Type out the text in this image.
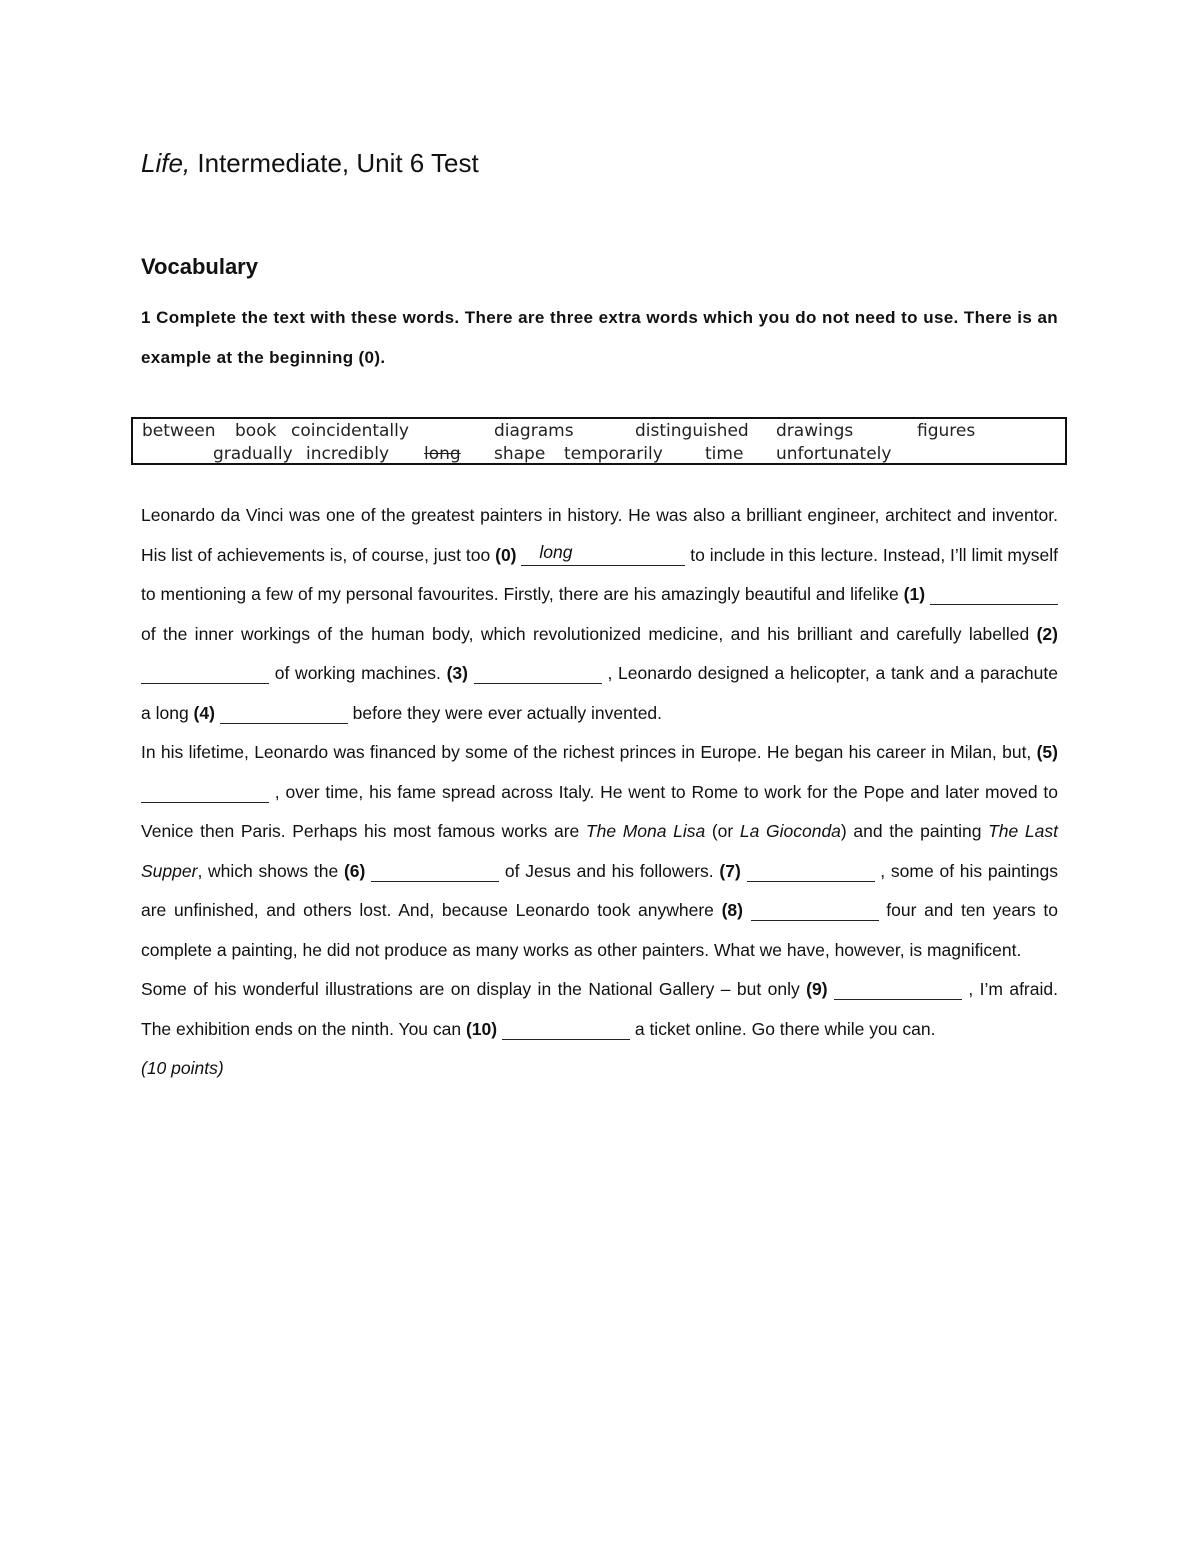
Life, Intermediate, Unit 6 Test
Vocabulary
1 Complete the text with these words. There are three extra words which you do not need to use. There is an example at the beginning (0).
between book coincidentally	diagrams	distinguished drawings	figures
gradually incredibly long shape temporarily time unfortunately

Leonardo da Vinci was one of the greatest painters in history. He was also a brilliant engineer, architect and inventor. His list of achievements is, of course, just too (0) long	to include in this lecture. Instead, I’ll limit myself to mentioning a few of my personal favourites. Firstly, there are his amazingly beautiful and lifelike (1)  of the inner workings of the human body, which revolutionized medicine, and his brilliant and carefully labelled (2)  of working machines. (3)	, Leonardo designed a helicopter, a tank and a parachute a long (4)	before they were ever actually invented.

In his lifetime, Leonardo was financed by some of the richest princes in Europe. He began his career in Milan, but, (5)  , over time, his fame spread across Italy. He went to Rome to work for the Pope and later moved to Venice then Paris. Perhaps his most famous works are The Mona Lisa (or La Gioconda) and the painting The Last Supper, which shows the (6)	of Jesus and his followers. (7)	, some of his paintings are unfinished, and others lost. And, because Leonardo took anywhere (8)	four and ten years to complete a painting, he did not produce as many works as other painters. What we have, however, is magnificent.

Some of his wonderful illustrations are on display in the National Gallery – but only (9)	, I’m afraid. The exhibition ends on the ninth. You can (10)	a ticket online. Go there while you can.

(10 points)
